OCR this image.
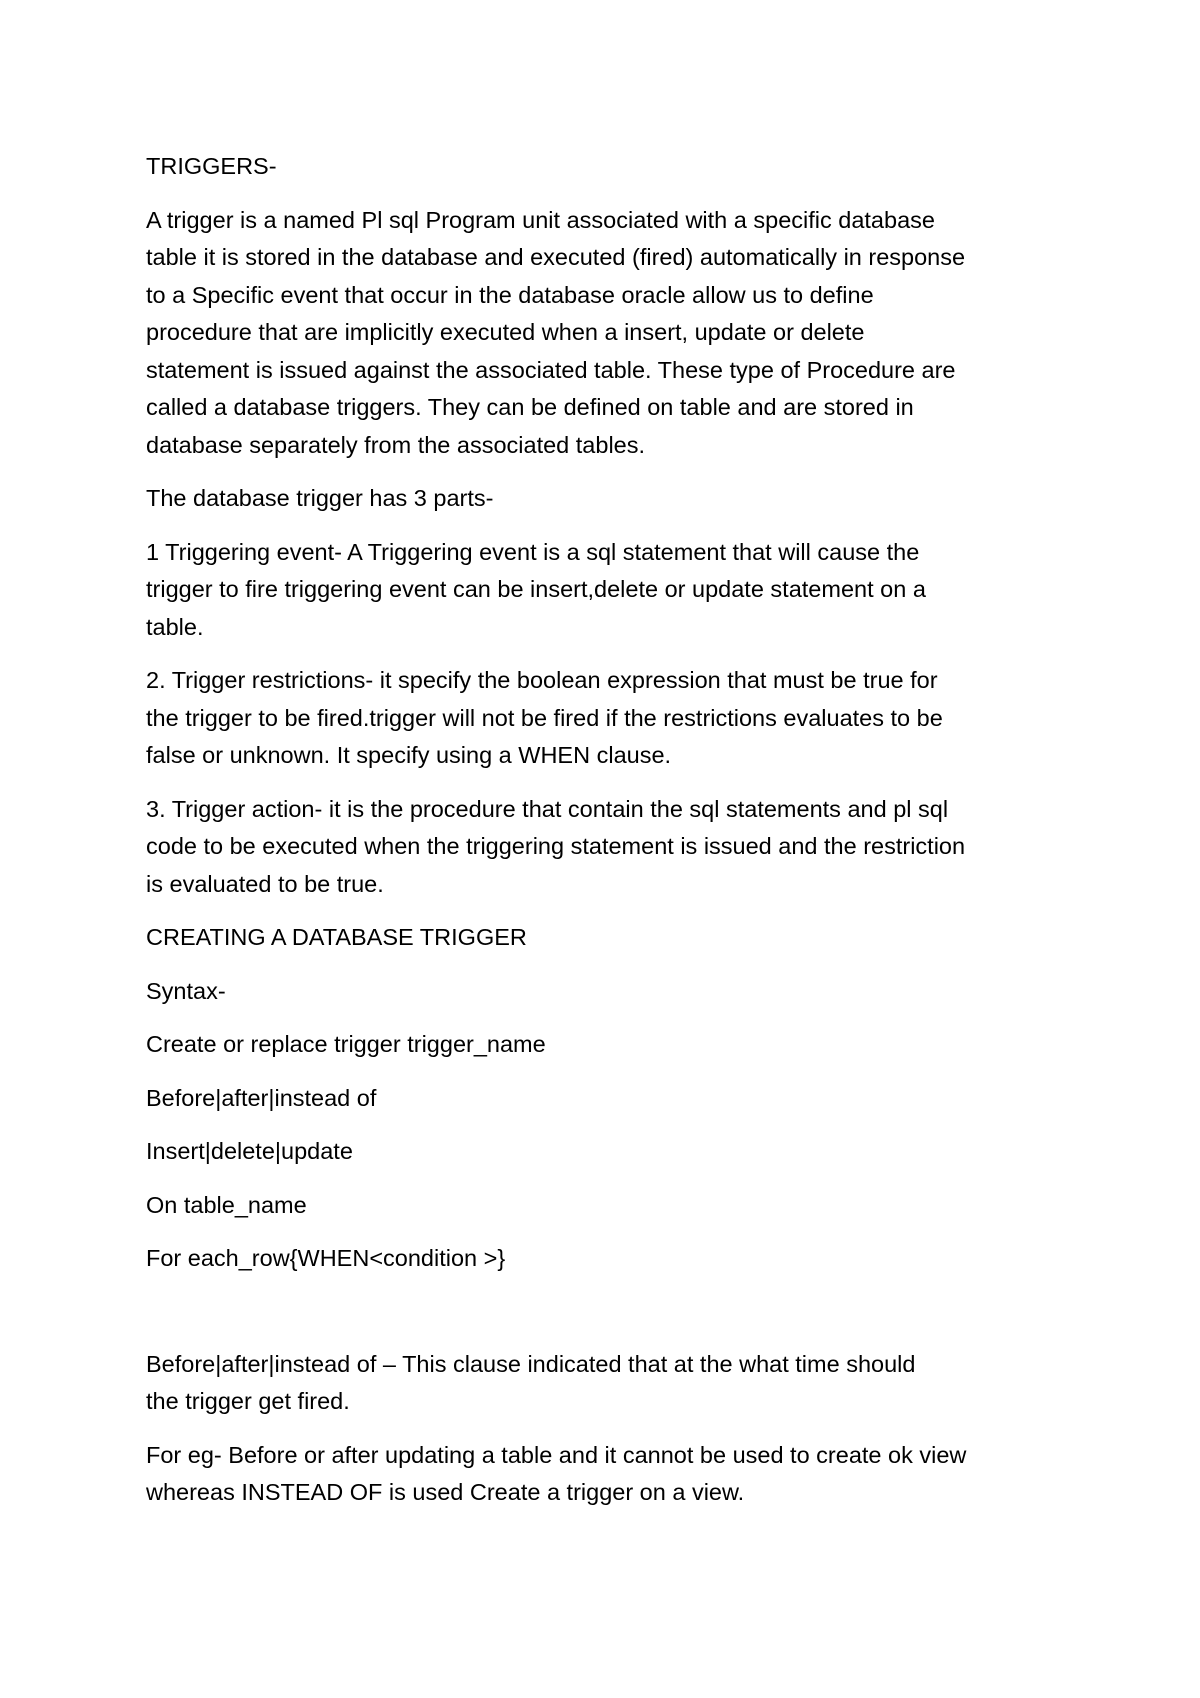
TRIGGERS-

A trigger is a named Pl sql Program unit associated with a specific database
table it is stored in the database and executed (fired) automatically in response
to a Specific event that occur in the database oracle allow us to define
procedure that are implicitly executed when a insert, update or delete
statement is issued against the associated table. These type of Procedure are
called a database triggers. They can be defined on table and are stored in
database separately from the associated tables.

The database trigger has 3 parts-

1 Triggering event- A Triggering event is a sql statement that will cause the
trigger to fire triggering event can be insert,delete or update statement on a
table.

2. Trigger restrictions- it specify the boolean expression that must be true for
the trigger to be fired.trigger will not be fired if the restrictions evaluates to be
false or unknown. It specify using a WHEN clause.

3. Trigger action- it is the procedure that contain the sql statements and pl sql
code to be executed when the triggering statement is issued and the restriction
is evaluated to be true.

CREATING A DATABASE TRIGGER

Syntax-

Create or replace trigger trigger_name

Before|after|instead of

Insert|delete|update

On table_name

For each_row{WHEN<condition >}

Before|after|instead of – This clause indicated that at the what time should
the trigger get fired.

For eg- Before or after updating a table and it cannot be used to create ok view
whereas INSTEAD OF is used Create a trigger on a view.
